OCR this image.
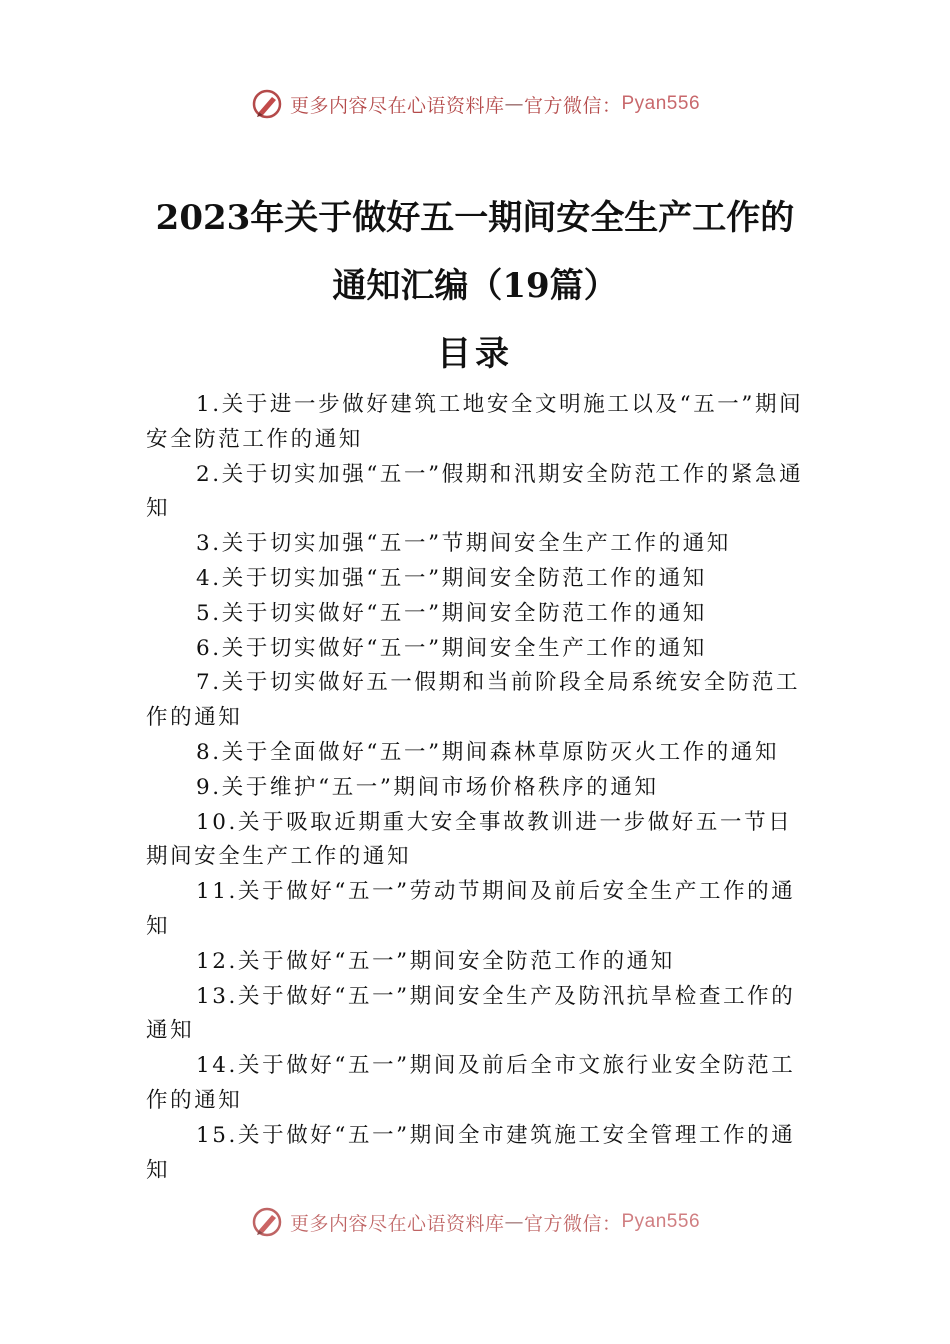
更多内容尽在心语资料库 — 官方微信： Pyan556
2023年关于做好五一期间安全生产工作的
通知汇编（19篇）
目录

1.关于进一步做好建筑工地安全文明施工以及“五一”期间安全防范工作的通知

2.关于切实加强“五一”假期和汛期安全防范工作的紧急通知

3.关于切实加强“五一”节期间安全生产工作的通知

4.关于切实加强“五一”期间安全防范工作的通知

5.关于切实做好“五一”期间安全防范工作的通知

6.关于切实做好“五一”期间安全生产工作的通知

7.关于切实做好五一假期和当前阶段全局系统安全防范工作的通知

8.关于全面做好“五一”期间森林草原防灭火工作的通知

9.关于维护“五一”期间市场价格秩序的通知

10.关于吸取近期重大安全事故教训进一步做好五一节日期间安全生产工作的通知

11.关于做好“五一”劳动节期间及前后安全生产工作的通知

12.关于做好“五一”期间安全防范工作的通知

13.关于做好“五一”期间安全生产及防汛抗旱检查工作的通知

14.关于做好“五一”期间及前后全市文旅行业安全防范工作的通知

15.关于做好“五一”期间全市建筑施工安全管理工作的通知

更多内容尽在心语资料库 — 官方微信： Pyan556
